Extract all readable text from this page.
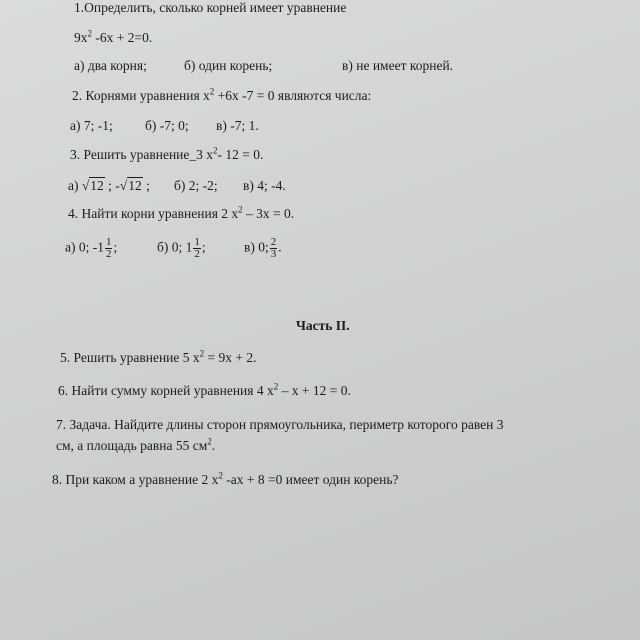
1.Определить, сколько корней имеет уравнение
$9x^2$ -6x + 2=0.
а) два корня;	б) один корень;	в) не имеет корней.
2. Корнями уравнения $x^2 +6x$ -7 = 0 являются числа:
а) 7; -1; б) -7; 0; в) -7; 1.
3. Решить уравнение_3 $x^2-$ 12 = 0.
а) √12 ; -√12 ; б) 2; -2; в) 4; -4.
4. Найти корни уравнения 2 $x^2 - 3x = 0$.
а) 0; $-1 \frac{1}{2}$ ;	б) 0; $1 \frac{1}{2}$ ;	в) 0; $\frac{2}{3}$ .
Часть II.
5. Решить уравнение 5 $x^2 = 9x + 2$.
6. Найти сумму корней уравнения 4 $x^2 - x + 12 = 0$.
7. Задача. Найдите длины сторон прямоугольника, периметр которого равен 3
см, а площадь равна 55 $см^2$.
8. При каком а уравнение 2 $x^2$ -ax + 8 =0 имеет один корень?
